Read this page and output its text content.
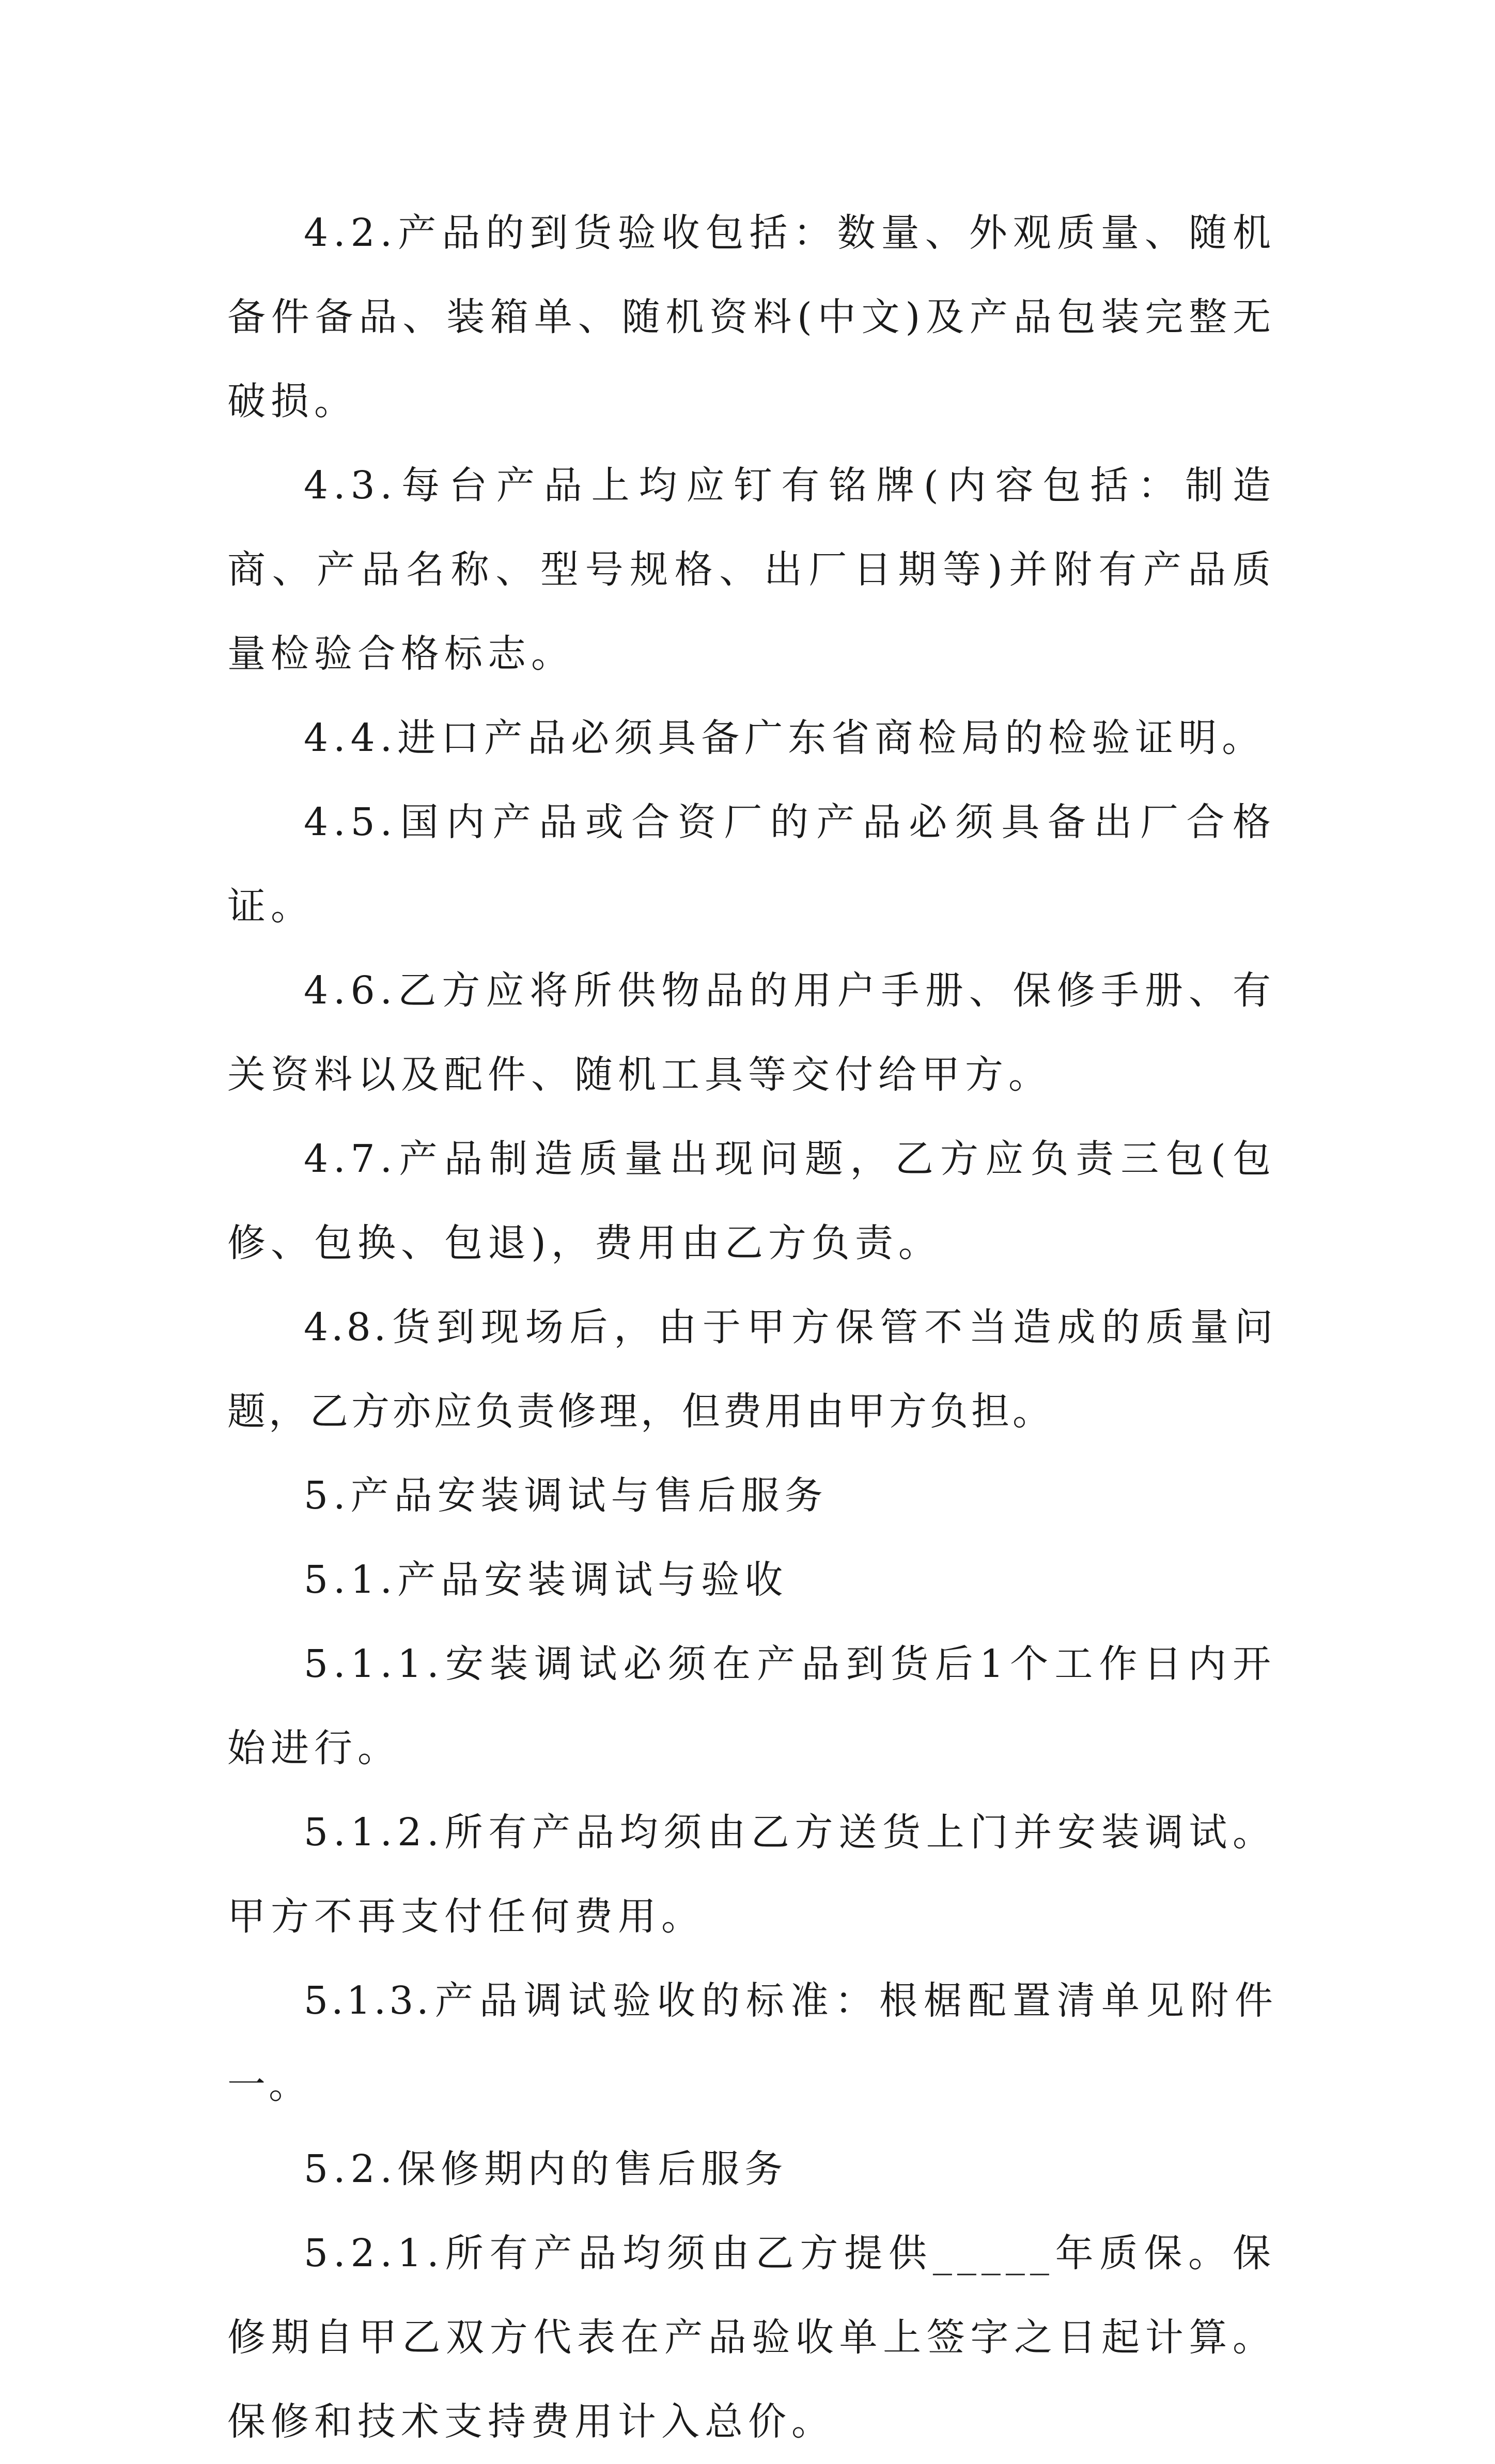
4.2.产品的到货验收包括：数量、外观质量、随机备件备品、装箱单、随机资料(中文)及产品包装完整无破损。

4.3.每台产品上均应钉有铭牌(内容包括：制造商、产品名称、型号规格、出厂日期等)并附有产品质量检验合格标志。

4.4.进口产品必须具备广东省商检局的检验证明。

4.5.国内产品或合资厂的产品必须具备出厂合格证。

4.6.乙方应将所供物品的用户手册、保修手册、有关资料以及配件、随机工具等交付给甲方。

4.7.产品制造质量出现问题，乙方应负责三包(包修、包换、包退)，费用由乙方负责。

4.8.货到现场后，由于甲方保管不当造成的质量问题，乙方亦应负责修理，但费用由甲方负担。

5.产品安装调试与售后服务

5.1.产品安装调试与验收

5.1.1.安装调试必须在产品到货后1个工作日内开始进行。

5.1.2.所有产品均须由乙方送货上门并安装调试。甲方不再支付任何费用。

5.1.3.产品调试验收的标准：根椐配置清单见附件一。

5.2.保修期内的售后服务

5.2.1.所有产品均须由乙方提供_____年质保。保修期自甲乙双方代表在产品验收单上签字之日起计算。保修和技术支持费用计入总价。
